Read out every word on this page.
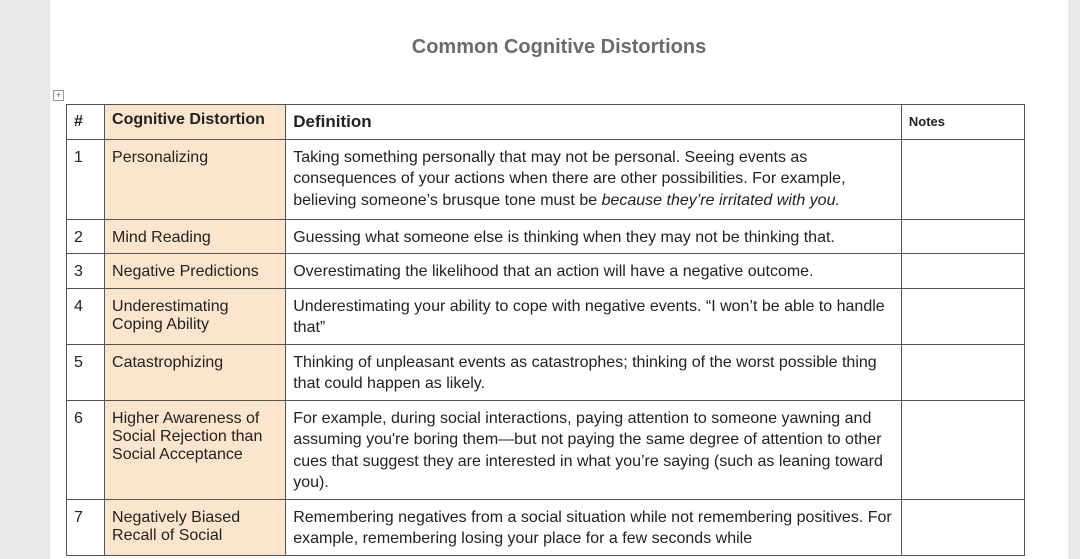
Common Cognitive Distortions
+
#	Cognitive Distortion	Definition	Notes
1	Personalizing	Taking something personally that may not be personal. Seeing events as consequences of your actions when there are other possibilities. For example, believing someone’s brusque tone must be because they’re irritated with you.	
2	Mind Reading	Guessing what someone else is thinking when they may not be thinking that.	
3	Negative Predictions	Overestimating the likelihood that an action will have a negative outcome.	
4	Underestimating Coping Ability	Underestimating your ability to cope with negative events. “I won’t be able to handle that”	
5	Catastrophizing	Thinking of unpleasant events as catastrophes; thinking of the worst possible thing that could happen as likely.	
6	Higher Awareness of Social Rejection than Social Acceptance	For example, during social interactions, paying attention to someone yawning and assuming you're boring them—but not paying the same degree of attention to other cues that suggest they are interested in what you’re saying (such as leaning toward you).	
7	Negatively Biased Recall of Social	Remembering negatives from a social situation while not remembering positives. For example, remembering losing your place for a few seconds while	
